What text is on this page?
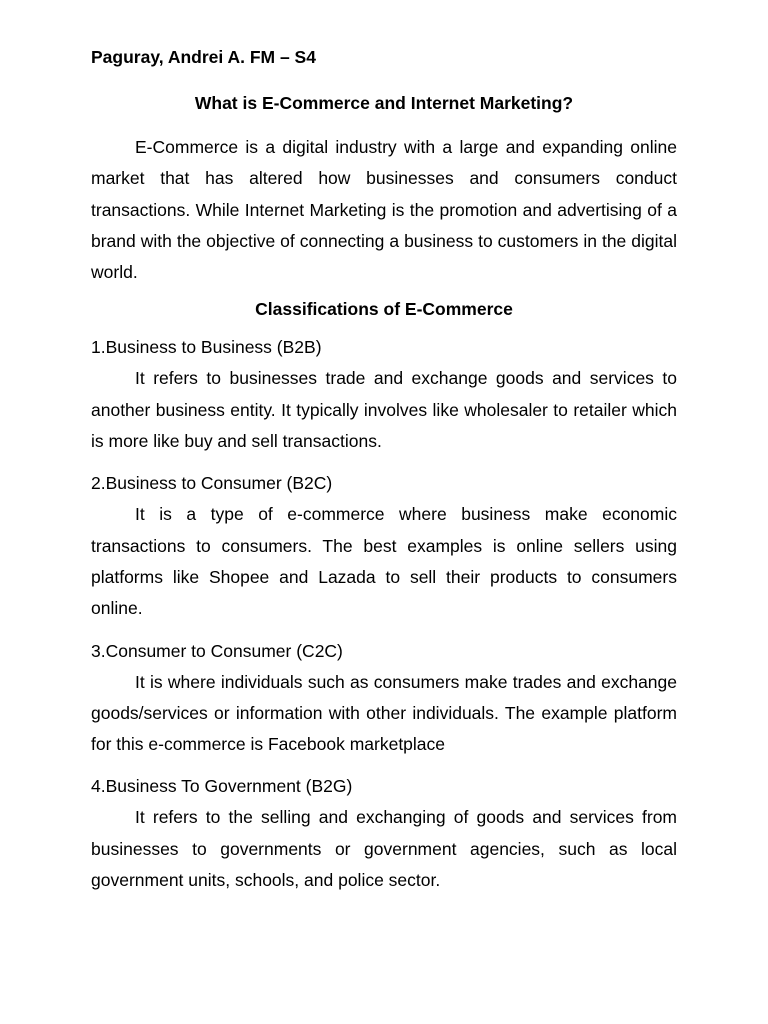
Paguray, Andrei A. FM – S4

What is E-Commerce and Internet Marketing?

E-Commerce is a digital industry with a large and expanding online market that has altered how businesses and consumers conduct transactions. While Internet Marketing is the promotion and advertising of a brand with the objective of connecting a business to customers in the digital world.

Classifications of E-Commerce

1.Business to Business (B2B)

It refers to businesses trade and exchange goods and services to another business entity. It typically involves like wholesaler to retailer which is more like buy and sell transactions.

2.Business to Consumer (B2C)

It is a type of e-commerce where business make economic transactions to consumers. The best examples is online sellers using platforms like Shopee and Lazada to sell their products to consumers online.

3.Consumer to Consumer (C2C)

It is where individuals such as consumers make trades and exchange goods/services or information with other individuals. The example platform for this e-commerce is Facebook marketplace

4.Business To Government (B2G)

It refers to the selling and exchanging of goods and services from businesses to governments or government agencies, such as local government units, schools, and police sector.
